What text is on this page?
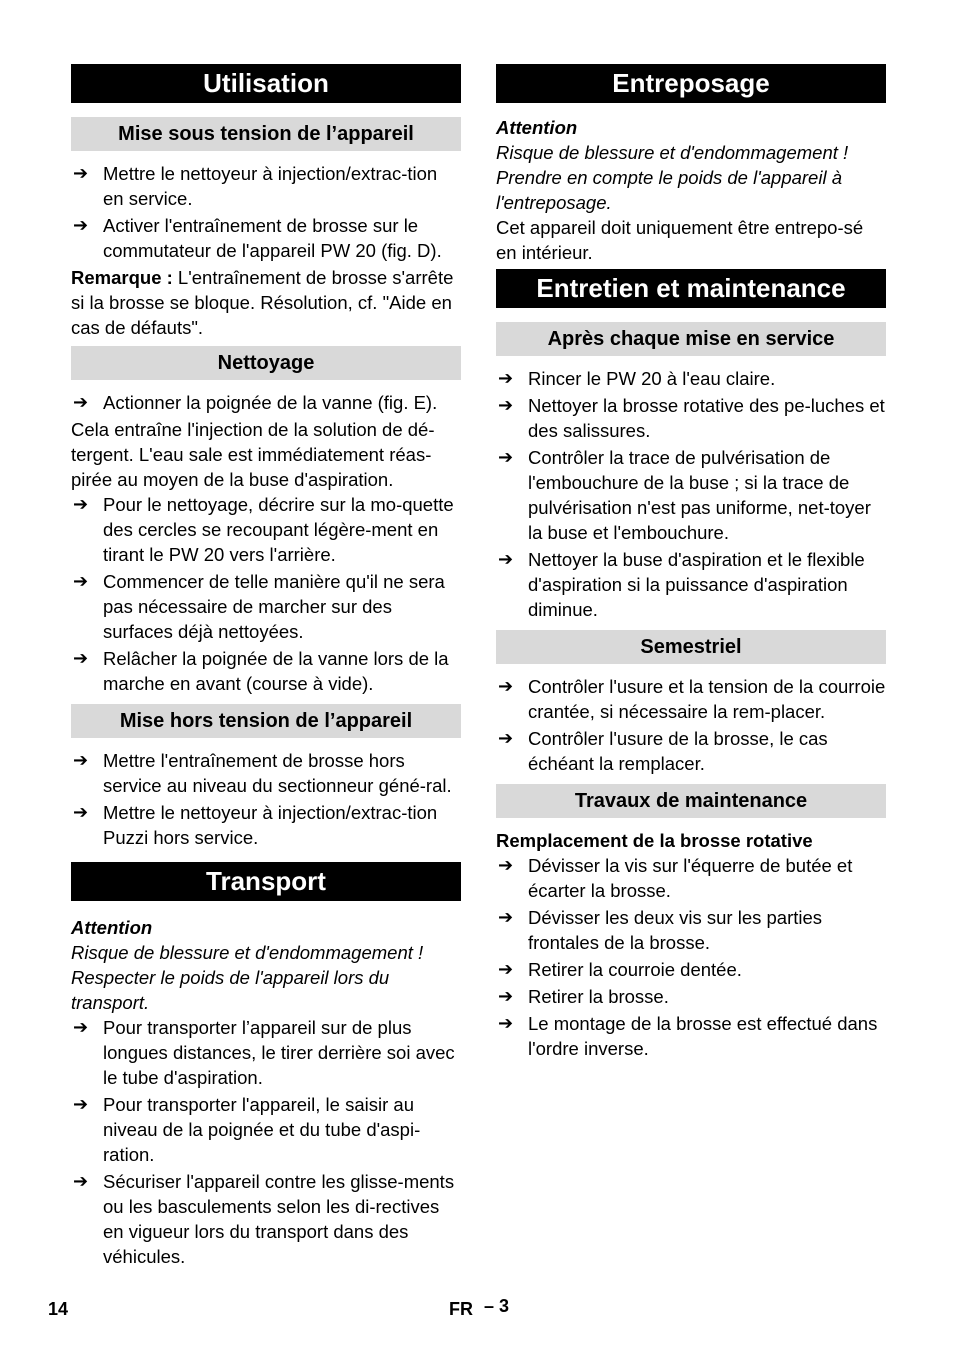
Utilisation
Mise sous tension de l’appareil
➔ Mettre le nettoyeur à injection/extrac-tion en service.
➔ Activer l'entraînement de brosse sur le commutateur de l'appareil PW 20 (fig. D).
Remarque : L'entraînement de brosse s'arrête si la brosse se bloque. Résolution, cf. "Aide en cas de défauts".
Nettoyage
➔ Actionner la poignée de la vanne (fig. E).
Cela entraîne l'injection de la solution de dé-tergent. L'eau sale est immédiatement réas-pirée au moyen de la buse d'aspiration.
➔ Pour le nettoyage, décrire sur la mo-quette des cercles se recoupant légère-ment en tirant le PW 20 vers l'arrière.
➔ Commencer de telle manière qu'il ne sera pas nécessaire de marcher sur des surfaces déjà nettoyées.
➔ Relâcher la poignée de la vanne lors de la marche en avant (course à vide).
Mise hors tension de l’appareil
➔ Mettre l'entraînement de brosse hors service au niveau du sectionneur géné-ral.
➔ Mettre le nettoyeur à injection/extrac-tion Puzzi hors service.
Transport
Attention
Risque de blessure et d'endommagement ! Respecter le poids de l'appareil lors du transport.
➔ Pour transporter l’appareil sur de plus longues distances, le tirer derrière soi avec le tube d'aspiration.
➔ Pour transporter l'appareil, le saisir au niveau de la poignée et du tube d'aspi-ration.
➔ Sécuriser l'appareil contre les glisse-ments ou les basculements selon les di-rectives en vigueur lors du transport dans des véhicules.
Entreposage
Attention
Risque de blessure et d'endommagement ! Prendre en compte le poids de l'appareil à l'entreposage.
Cet appareil doit uniquement être entrepo-sé en intérieur.
Entretien et maintenance
Après chaque mise en service
➔ Rincer le PW 20 à l'eau claire.
➔ Nettoyer la brosse rotative des pe-luches et des salissures.
➔ Contrôler la trace de pulvérisation de l'embouchure de la buse ; si la trace de pulvérisation n'est pas uniforme, net-toyer la buse et l'embouchure.
➔ Nettoyer la buse d'aspiration et le flexible d'aspiration si la puissance d'aspiration diminue.
Semestriel
➔ Contrôler l'usure et la tension de la courroie crantée, si nécessaire la rem-placer.
➔ Contrôler l'usure de la brosse, le cas échéant la remplacer.
Travaux de maintenance
Remplacement de la brosse rotative
➔ Dévisser la vis sur l'équerre de butée et écarter la brosse.
➔ Dévisser les deux vis sur les parties frontales de la brosse.
➔ Retirer la courroie dentée.
➔ Retirer la brosse.
➔ Le montage de la brosse est effectué dans l'ordre inverse.
14	FR – 3
